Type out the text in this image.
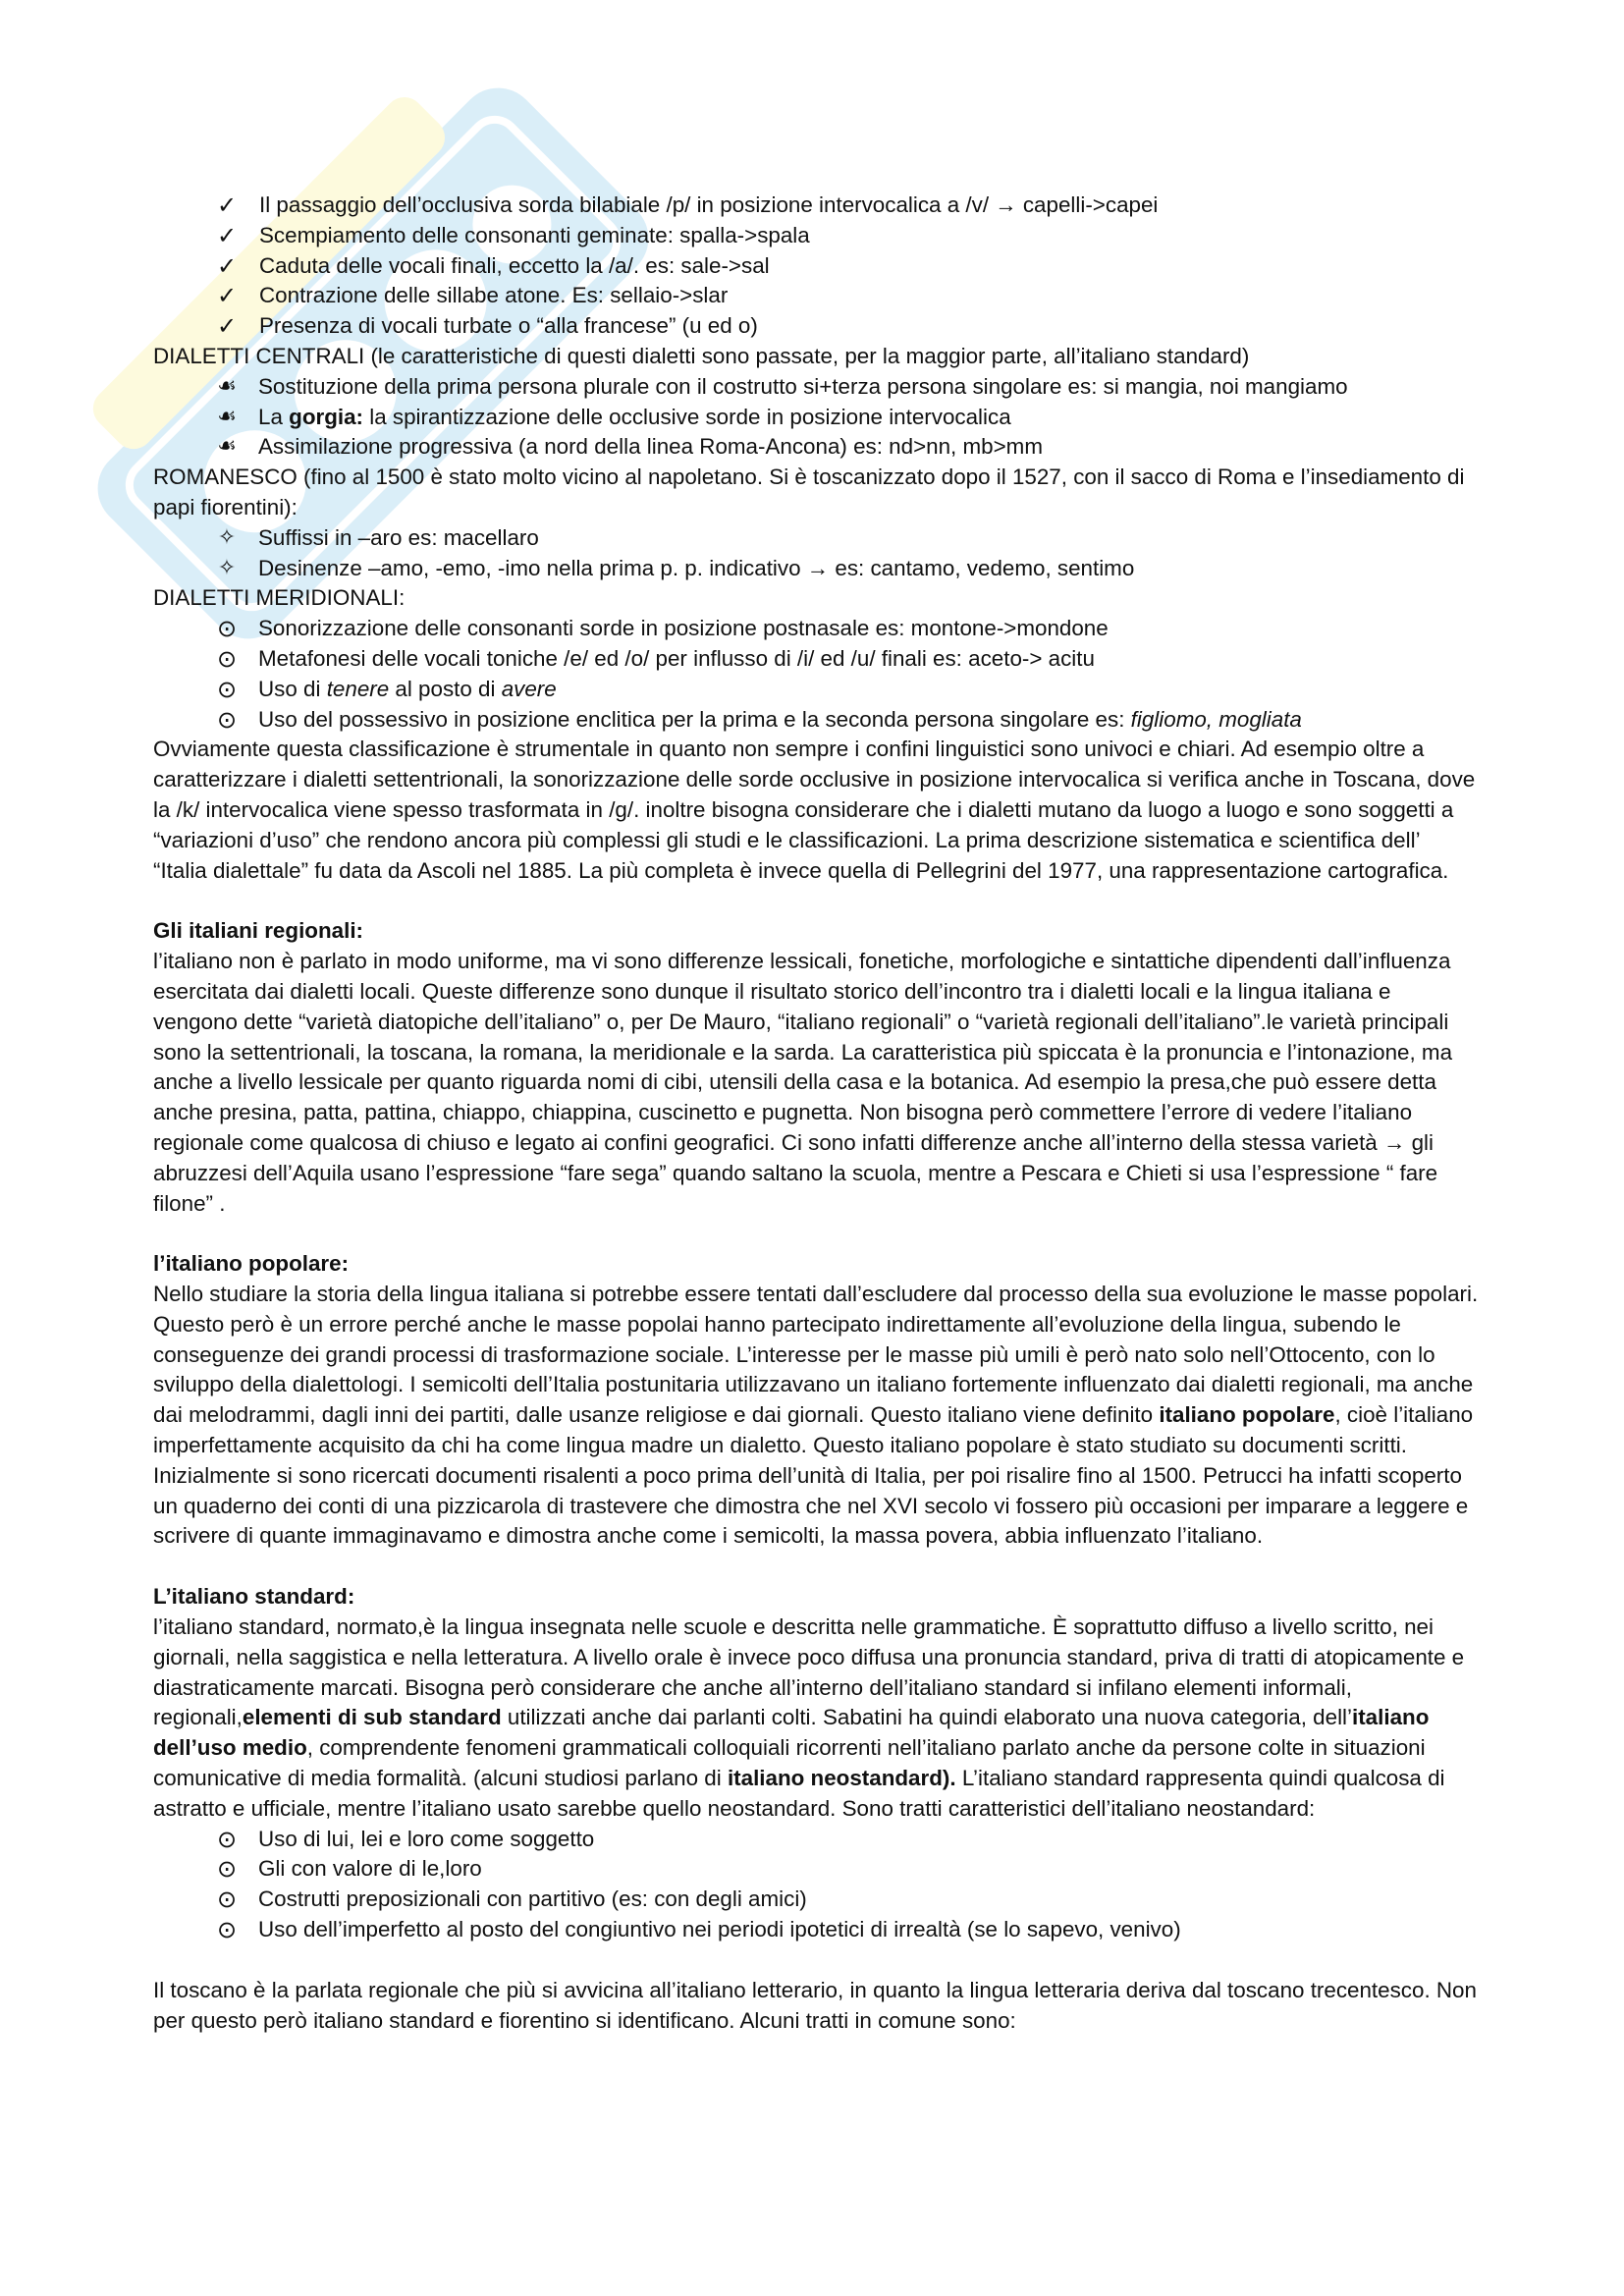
✓	Il passaggio dell’occlusiva sorda bilabiale /p/ in posizione intervocalica a /v/ → capelli->capei
✓	Scempiamento delle consonanti geminate: spalla->spala
✓	Caduta delle vocali finali, eccetto la /a/. es: sale->sal
✓	Contrazione delle sillabe atone. Es: sellaio->slar
✓	Presenza di vocali turbate o “alla francese” (u ed o)

DIALETTI CENTRALI (le caratteristiche di questi dialetti sono passate, per la maggior parte, all’italiano standard)

☙ Sostituzione della prima persona plurale con il costrutto si+terza persona singolare es: si mangia, noi mangiamo
☙ La gorgia: la spirantizzazione delle occlusive sorde in posizione intervocalica
☙ Assimilazione progressiva (a nord della linea Roma-Ancona) es: nd>nn, mb>mm

ROMANESCO (fino al 1500 è stato molto vicino al napoletano. Si è toscanizzato dopo il 1527, con il sacco di Roma e l’insediamento di papi fiorentini):

✧	Suffissi in –aro es: macellaro
✧	Desinenze –amo, -emo, -imo nella prima p. p. indicativo → es: cantamo, vedemo, sentimo

DIALETTI MERIDIONALI:

⊙ Sonorizzazione delle consonanti sorde in posizione postnasale es: montone->mondone
⊙ Metafonesi delle vocali toniche /e/ ed /o/ per influsso di /i/ ed /u/ finali es: aceto-> acitu
⊙ Uso di tenere al posto di avere
⊙ Uso del possessivo in posizione enclitica per la prima e la seconda persona singolare es: figliomo, mogliata

Ovviamente questa classificazione è strumentale in quanto non sempre i confini linguistici sono univoci e chiari. Ad esempio oltre a caratterizzare i dialetti settentrionali, la sonorizzazione delle sorde occlusive in posizione intervocalica si verifica anche in Toscana, dove la /k/ intervocalica viene spesso trasformata in /g/. inoltre bisogna considerare che i dialetti mutano da luogo a luogo e sono soggetti a “variazioni d’uso” che rendono ancora più complessi gli studi e le classificazioni. La prima descrizione sistematica e scientifica dell’ “Italia dialettale” fu data da Ascoli nel 1885. La più completa è invece quella di Pellegrini del 1977, una rappresentazione cartografica.

Gli italiani regionali:

l’italiano non è parlato in modo uniforme, ma vi sono differenze lessicali, fonetiche, morfologiche e sintattiche dipendenti dall’influenza esercitata dai dialetti locali. Queste differenze sono dunque il risultato storico dell’incontro tra i dialetti locali e la lingua italiana e vengono dette “varietà diatopiche dell’italiano” o, per De Mauro, “italiano regionali” o “varietà regionali dell’italiano”.le varietà principali sono la settentrionali, la toscana, la romana, la meridionale e la sarda. La caratteristica più spiccata è la pronuncia e l’intonazione, ma anche a livello lessicale per quanto riguarda nomi di cibi, utensili della casa e la botanica. Ad esempio la presa,che può essere detta anche presina, patta, pattina, chiappo, chiappina, cuscinetto e pugnetta. Non bisogna però commettere l’errore di vedere l’italiano regionale come qualcosa di chiuso e legato ai confini geografici. Ci sono infatti differenze anche all’interno della stessa varietà → gli abruzzesi dell’Aquila usano l’espressione “fare sega” quando saltano la scuola, mentre a Pescara e Chieti si usa l’espressione “ fare filone” .

l’italiano popolare:

Nello studiare la storia della lingua italiana si potrebbe essere tentati dall’escludere dal processo della sua evoluzione le masse popolari. Questo però è un errore perché anche le masse popolai hanno partecipato indirettamente all’evoluzione della lingua, subendo le conseguenze dei grandi processi di trasformazione sociale. L’interesse per le masse più umili è però nato solo nell’Ottocento, con lo sviluppo della dialettologi. I semicolti dell’Italia postunitaria utilizzavano un italiano fortemente influenzato dai dialetti regionali, ma anche dai melodrammi, dagli inni dei partiti, dalle usanze religiose e dai giornali. Questo italiano viene definito italiano popolare, cioè l’italiano imperfettamente acquisito da chi ha come lingua madre un dialetto. Questo italiano popolare è stato studiato su documenti scritti. Inizialmente si sono ricercati documenti risalenti a poco prima dell’unità di Italia, per poi risalire fino al 1500. Petrucci ha infatti scoperto un quaderno dei conti di una pizzicarola di trastevere che dimostra che nel XVI secolo vi fossero più occasioni per imparare a leggere e scrivere di quante immaginavamo e dimostra anche come i semicolti, la massa povera, abbia influenzato l’italiano.

L’italiano standard:

l’italiano standard, normato,è la lingua insegnata nelle scuole e descritta nelle grammatiche. È soprattutto diffuso a livello scritto, nei giornali, nella saggistica e nella letteratura. A livello orale è invece poco diffusa una pronuncia standard, priva di tratti di atopicamente e diastraticamente marcati. Bisogna però considerare che anche all’interno dell’italiano standard si infilano elementi informali, regionali,elementi di sub standard utilizzati anche dai parlanti colti. Sabatini ha quindi elaborato una nuova categoria, dell’italiano dell’uso medio, comprendente fenomeni grammaticali colloquiali ricorrenti nell’italiano parlato anche da persone colte in situazioni comunicative di media formalità. (alcuni studiosi parlano di italiano neostandard). L’italiano standard rappresenta quindi qualcosa di astratto e ufficiale, mentre l’italiano usato sarebbe quello neostandard. Sono tratti caratteristici dell’italiano neostandard:

⊙ Uso di lui, lei e loro come soggetto
⊙ Gli con valore di le,loro
⊙ Costrutti preposizionali con partitivo (es: con degli amici)
⊙ Uso dell’imperfetto al posto del congiuntivo nei periodi ipotetici di irrealtà (se lo sapevo, venivo)

Il toscano è la parlata regionale che più si avvicina all’italiano letterario, in quanto la lingua letteraria deriva dal toscano trecentesco. Non per questo però italiano standard e fiorentino si identificano. Alcuni tratti in comune sono:
